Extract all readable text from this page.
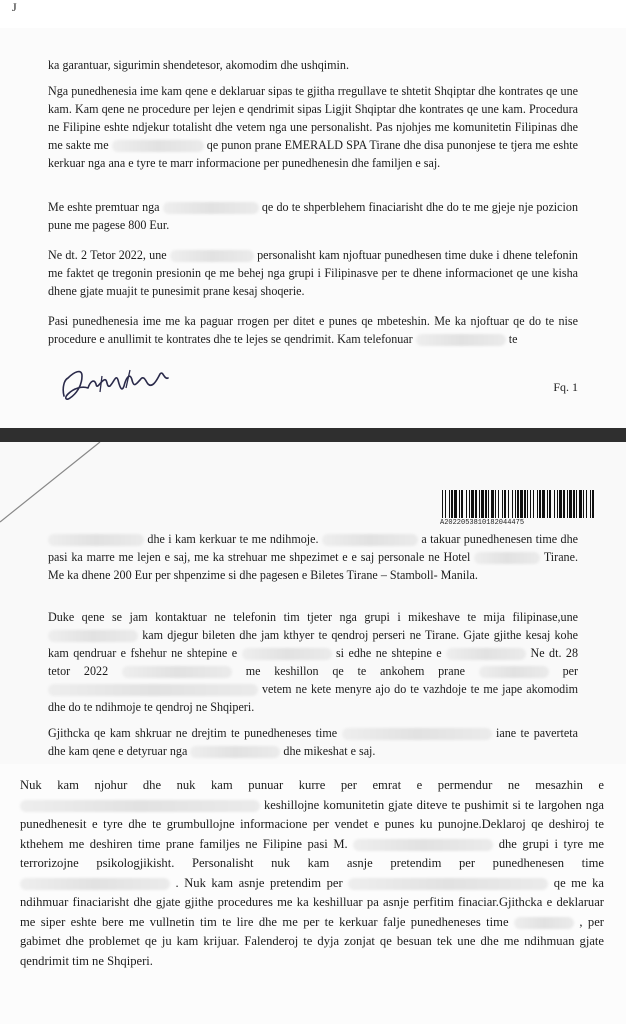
J

ka garantuar, sigurimin shendetesor, akomodim dhe ushqimin.

Nga punedhenesia ime kam qene e deklaruar sipas te gjitha rregullave te shtetit Shqiptar dhe kontrates qe une kam. Kam qene ne procedure per lejen e qendrimit sipas Ligjit Shqiptar dhe kontrates qe une kam. Procedura ne Filipine eshte ndjekur totalisht dhe vetem nga une personalisht. Pas njohjes me komunitetin Filipinas dhe me sakte me	qe punon prane EMERALD SPA Tirane dhe disa punonjese te tjera me eshte kerkuar nga ana e tyre te marr informacione per punedhenesin dhe familjen e saj.

Me eshte premtuar nga	qe do te shperblehem finaciarisht dhe do te me gjeje nje pozicion pune me pagese 800 Eur.

Ne dt. 2 Tetor 2022, une	personalisht kam njoftuar punedhesen time duke i dhene telefonin me faktet qe tregonin presionin qe me behej nga grupi i Filipinasve per te dhene informacionet qe une kisha dhene gjate muajit te punesimit prane kesaj shoqerie.

Pasi punedhenesia ime me ka paguar rrogen per ditet e punes qe mbeteshin. Me ka njoftuar qe do te nise procedure e anullimit te kontrates dhe te lejes se qendrimit. Kam telefonuar	te

Fq. 1
A2022053810182044475

dhe i kam kerkuar te me ndihmoje.	a takuar punedhenesen time dhe pasi ka marre me lejen e saj, me ka strehuar me shpezimet e e saj personale ne Hotel	Tirane. Me ka dhene 200 Eur per shpenzime si dhe pagesen e Biletes Tirane – Stamboll- Manila.

Duke qene se jam kontaktuar ne telefonin tim tjeter nga grupi i mikeshave te mija filipinase,une  kam djegur bileten dhe jam kthyer te qendroj perseri ne Tirane. Gjate gjithe kesaj kohe kam qendruar e fshehur ne shtepine e	si edhe ne shtepine e	Ne dt. 28 tetor 2022	me keshillon qe te ankohem prane	per  vetem ne kete menyre ajo do te vazhdoje te me jape akomodim dhe do te ndihmoje te qendroj ne Shqiperi.

Gjithcka qe kam shkruar ne drejtim te punedheneses time	iane te paverteta dhe kam qene e detyruar nga	dhe mikeshat e saj.

Nuk kam njohur dhe nuk kam punuar kurre per emrat e permendur ne mesazhin e  keshillojne komunitetin gjate diteve te pushimit si te largohen nga punedhenesit e tyre dhe te grumbullojne informacione per vendet e punes ku punojne.Deklaroj qe deshiroj te kthehem me deshiren time prane familjes ne Filipine pasi M.	dhe grupi i tyre me terrorizojne psikologjikisht. Personalisht nuk kam asnje pretendim per punedhenesen time  . Nuk kam asnje pretendim per	qe me ka ndihmuar finaciarisht dhe gjate gjithe procedures me ka keshilluar pa asnje perfitim finaciar.Gjithcka e deklaruar me siper eshte bere me vullnetin tim te lire dhe me per te kerkuar falje punedheneses time	, per gabimet dhe problemet qe ju kam krijuar. Falenderoj te dyja zonjat qe besuan tek une dhe me ndihmuan gjate qendrimit tim ne Shqiperi.
